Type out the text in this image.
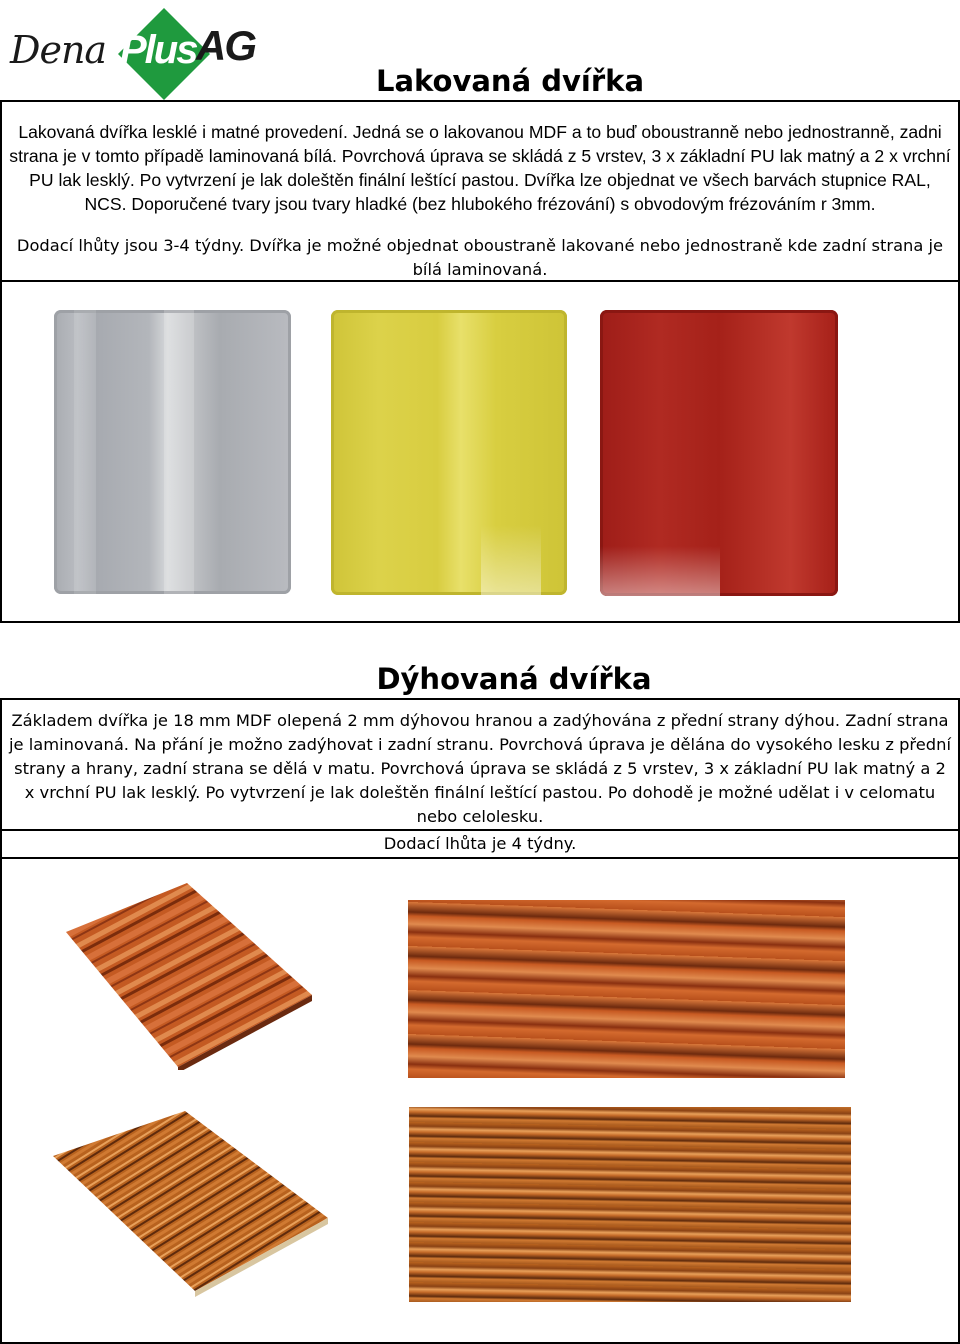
Dena Plus AG
Lakovaná dvířka
Lakovaná dvířka lesklé i matné provedení. Jedná se o lakovanou MDF a to buď oboustranně nebo jednostranně, zadni strana je v tomto případě laminovaná bílá. Povrchová úprava se skládá z 5 vrstev, 3 x základní PU lak matný a 2 x vrchní PU lak lesklý. Po vytvrzení je lak doleštěn finální leštící pastou. Dvířka lze objednat ve všech barvách stupnice RAL, NCS. Doporučené tvary jsou tvary hladké (bez hlubokého frézování) s obvodovým frézováním r 3mm.
Dodací lhůty jsou 3-4 týdny. Dvířka je možné objednat oboustraně lakované nebo jednostraně kde zadní strana je bílá laminovaná.
Dýhovaná dvířka
Základem dvířka je 18 mm MDF olepená 2 mm dýhovou hranou a zadýhována z přední strany dýhou. Zadní strana je laminovaná. Na přání je možno zadýhovat i zadní stranu. Povrchová úprava je dělána do vysokého lesku z přední strany a hrany, zadní strana se dělá v matu. Povrchová úprava se skládá z 5 vrstev, 3 x základní PU lak matný a 2 x vrchní PU lak lesklý. Po vytvrzení je lak doleštěn finální leštící pastou. Po dohodě je možné udělat i v celomatu nebo celolesku.
Dodací lhůta je 4 týdny.
